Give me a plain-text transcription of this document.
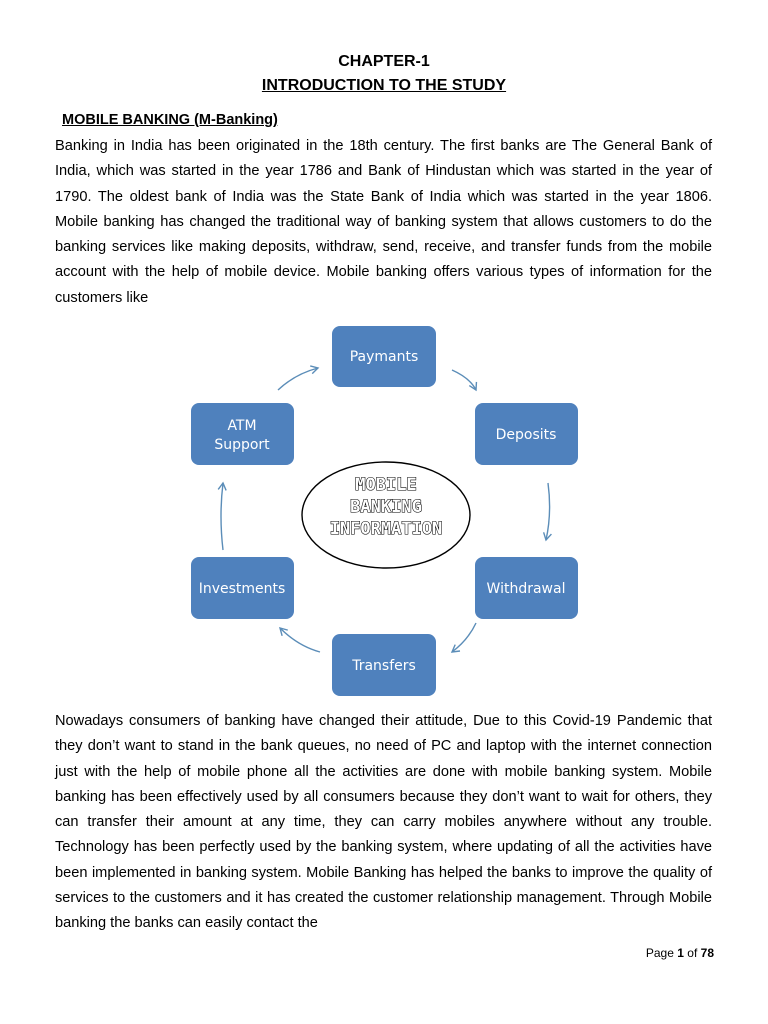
CHAPTER-1

INTRODUCTION TO THE STUDY

MOBILE BANKING (M-Banking)

Banking in India has been originated in the 18th century. The first banks are The General Bank of India, which was started in the year 1786 and Bank of Hindustan which was started in the year of 1790. The oldest bank of India was the State Bank of India which was started in the year 1806. Mobile banking has changed the traditional way of banking system that allows customers to do the banking services like making deposits, withdraw, send, receive, and transfer funds from the mobile account with the help of mobile device. Mobile banking offers various types of information for the customers like

Paymants
Deposits
Withdrawal
Transfers
Investments
ATM
Support
MOBILE
BANKING
INFORMATION

Nowadays consumers of banking have changed their attitude, Due to this Covid-19 Pandemic that they don’t want to stand in the bank queues, no need of PC and laptop with the internet connection just with the help of mobile phone all the activities are done with mobile banking system. Mobile banking has been effectively used by all consumers because they don’t want to wait for others, they can transfer their amount at any time, they can carry mobiles anywhere without any trouble. Technology has been perfectly used by the banking system, where updating of all the activities have been implemented in banking system. Mobile Banking has helped the banks to improve the quality of services to the customers and it has created the customer relationship management. Through Mobile banking the banks can easily contact the

Page 1 of 78
